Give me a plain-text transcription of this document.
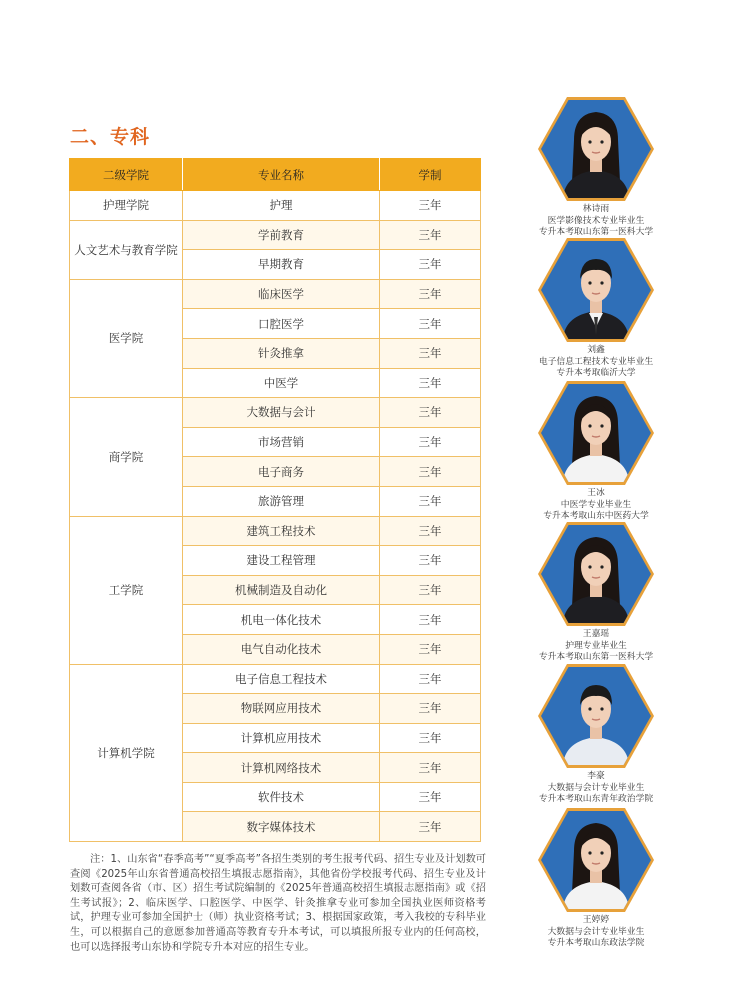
二、专科
二级学院	专业名称	学制
护理学院	护理	三年
人文艺术与教育学院	学前教育	三年
	早期教育	三年
医学院	临床医学	三年
	口腔医学	三年
	针灸推拿	三年
	中医学	三年
商学院	大数据与会计	三年
	市场营销	三年
	电子商务	三年
	旅游管理	三年
工学院	建筑工程技术	三年
	建设工程管理	三年
	机械制造及自动化	三年
	机电一体化技术	三年
	电气自动化技术	三年
计算机学院	电子信息工程技术	三年
	物联网应用技术	三年
	计算机应用技术	三年
	计算机网络技术	三年
	软件技术	三年
	数字媒体技术	三年
注：1、山东省“春季高考”“夏季高考”各招生类别的考生报考代码、招生专业及计划数可查阅《2025年山东省普通高校招生填报志愿指南》，其他省份学校报考代码、招生专业及计划数可查阅各省（市、区）招生考试院编制的《2025年普通高校招生填报志愿指南》或《招生考试报》；2、临床医学、口腔医学、中医学、针灸推拿专业可参加全国执业医师资格考试，护理专业可参加全国护士（师）执业资格考试；3、根据国家政策，考入我校的专科毕业生，可以根据自己的意愿参加普通高等教育专升本考试，可以填报所报专业内的任何高校，也可以选择报考山东协和学院专升本对应的招生专业。
林诗雨
医学影像技术专业毕业生
专升本考取山东第一医科大学
刘鑫
电子信息工程技术专业毕业生
专升本考取临沂大学
王冰
中医学专业毕业生
专升本考取山东中医药大学
王嘉瑶
护理专业毕业生
专升本考取山东第一医科大学
李豪
大数据与会计专业毕业生
专升本考取山东青年政治学院
王婷婷
大数据与会计专业毕业生
专升本考取山东政法学院
